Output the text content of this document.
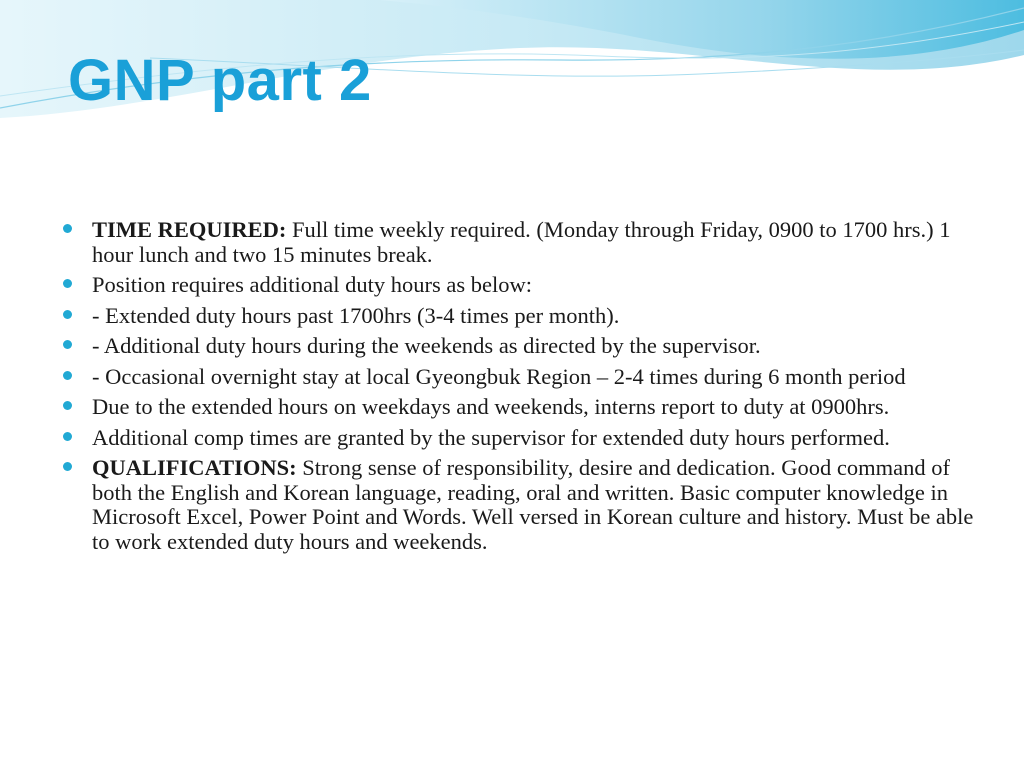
GNP part 2
TIME REQUIRED: Full time weekly required. (Monday through Friday, 0900 to 1700 hrs.) 1 hour lunch and two 15 minutes break.
Position requires additional duty hours as below:
- Extended duty hours past 1700hrs (3-4 times per month).
- Additional duty hours during the weekends as directed by the supervisor.
- Occasional overnight stay at local Gyeongbuk Region – 2-4 times during 6 month period
Due to the extended hours on weekdays and weekends, interns report to duty at 0900hrs.
Additional comp times are granted by the supervisor for extended duty hours performed.
QUALIFICATIONS: Strong sense of responsibility, desire and dedication. Good command of both the English and Korean language, reading, oral and written. Basic computer knowledge in Microsoft Excel, Power Point and Words. Well versed in Korean culture and history. Must be able to work extended duty hours and weekends.
